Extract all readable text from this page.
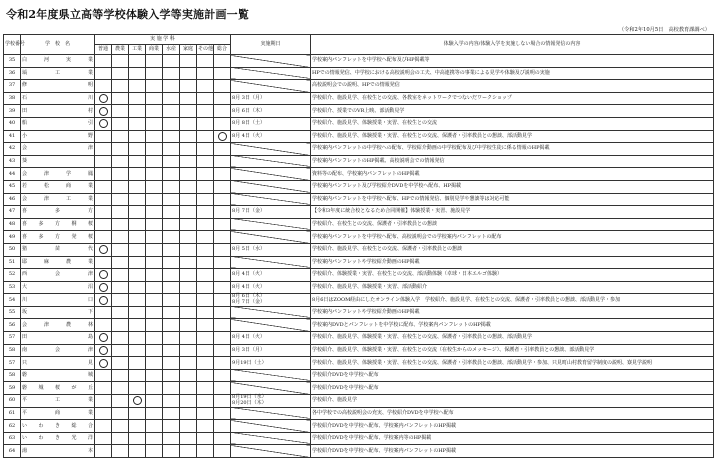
令和2年度県立高等学校体験入学等実施計画一覧
（令和2年10月5日　高校教育課調べ）
学校番号	学　校　名	実 施 学 科								実施期日	体験入学の内容/体験入学を実施しない場合の情報発信の内容
		普通	農業	工業	商業	水産	家庭	その他	総合		
35	白河実業										学校案内パンフレットを中学校へ配布及びHP掲載等
36	塙工業										HPでの情報発信、中学校における高校説明会の工夫、中高連携等の事業による見学や体験及び説明の実施
37	修明										高校説明会での説明、HPでの情報発信
38	石川									8月 3日（月）	学校紹介、施設見学、在校生との交流、各教室をネットワークでつないだワークショップ
39	田村									8月 6日（木）	学校紹介、授業でのVR上映、部活動見学
40	船引									8月 8日（土）	学校紹介、施設見学、体験授業・実習、在校生との交流
41	小野									8月 4日（火）	学校紹介、施設見学、体験授業・実習、在校生との交流、保護者・引率教員との懇談、部活動見学
42	会津										学校案内パンフレットの中学校への配布、学校紹介動画の中学校配布及び中学校生徒に係る情報のHP掲載
43	葵										学校案内パンフレットのHP掲載、高校説明会での情報発信
44	会津学鳳										資料等の配布、学校案内パンフレットのHP掲載
45	若松商業										学校案内パンフレット及び学校紹介DVDを中学校へ配布、HP掲載
46	会津工業										学校案内パンフレットを中学校へ配布、HPでの情報発信、個別見学や懇談等は対応可能
47	喜多方									8月 7日（金）	【令和3年度に統合校となるため合同開催】体験授業・実習、施設見学
48	喜多方桐桜										学校紹介、在校生との交流、保護者・引率教員との懇談
49	喜多方発桜										学校案内パンフレットを中学校へ配布、高校説明会での学校案内パンフレットの配布
50	猪苗代									8月 5日（水）	学校紹介、施設見学、在校生との交流、保護者・引率教員との懇談
51	耶麻農業										学校案内パンフレットや学校紹介動画のHP掲載
52	西会津									8月 4日（火）	学校紹介、体験授業・実習、在校生との交流、部活動体験（卓球・日本エルゴ体験）
53	大沼									8月 4日（火）	学校紹介、施設見学、体験授業・実習、部活動紹介
54	川口									8月 6日（木）
8月 7日（金）	8月6日はZOOM経由にしたオンライン体験入学　学校紹介、施設見学、在校生との交流、保護者・引率教員との懇談、部活動見学・参加
55	坂下										学校案内パンフレットや学校紹介動画のHP掲載
56	会津農林										学校案内DVDとパンフレットを中学校に配布、学校案内パンフレットのHP掲載
57	田島									8月 4日（火）	学校紹介、施設見学、体験授業・実習、在校生との交流、保護者・引率教員との懇談、部活動見学
58	南会津									8月 3日（月）	学校紹介、施設見学、体験授業・実習、在校生との交流（在校生からのメッセージ）、保護者・引率教員との懇談、部活動見学
57	只見									9月19日（土）	学校紹介、施設見学、体験授業・実習、在校生との交流、保護者・引率教員との懇談、部活動見学・参加、只見町山村教育留学制度の説明、寮見学説明
58	磐城										学校紹介DVDを中学校へ配布
59	磐城桜が丘										学校紹介DVDを中学校へ配布
60	平工業									8月19日（水）
8月20日（木）	学校紹介、施設見学
61	平商業										各中学校での高校説明会の充実、学校紹介DVDを中学校へ配布
62	いわき総合										学校紹介DVDを中学校へ配布、学校案内パンフレットのHP掲載
63	いわき光洋										学校紹介DVDを中学校へ配布、学校案内等のHP掲載
64	湯本										学校紹介DVDを中学校へ配布、学校案内パンフレットのHP掲載
